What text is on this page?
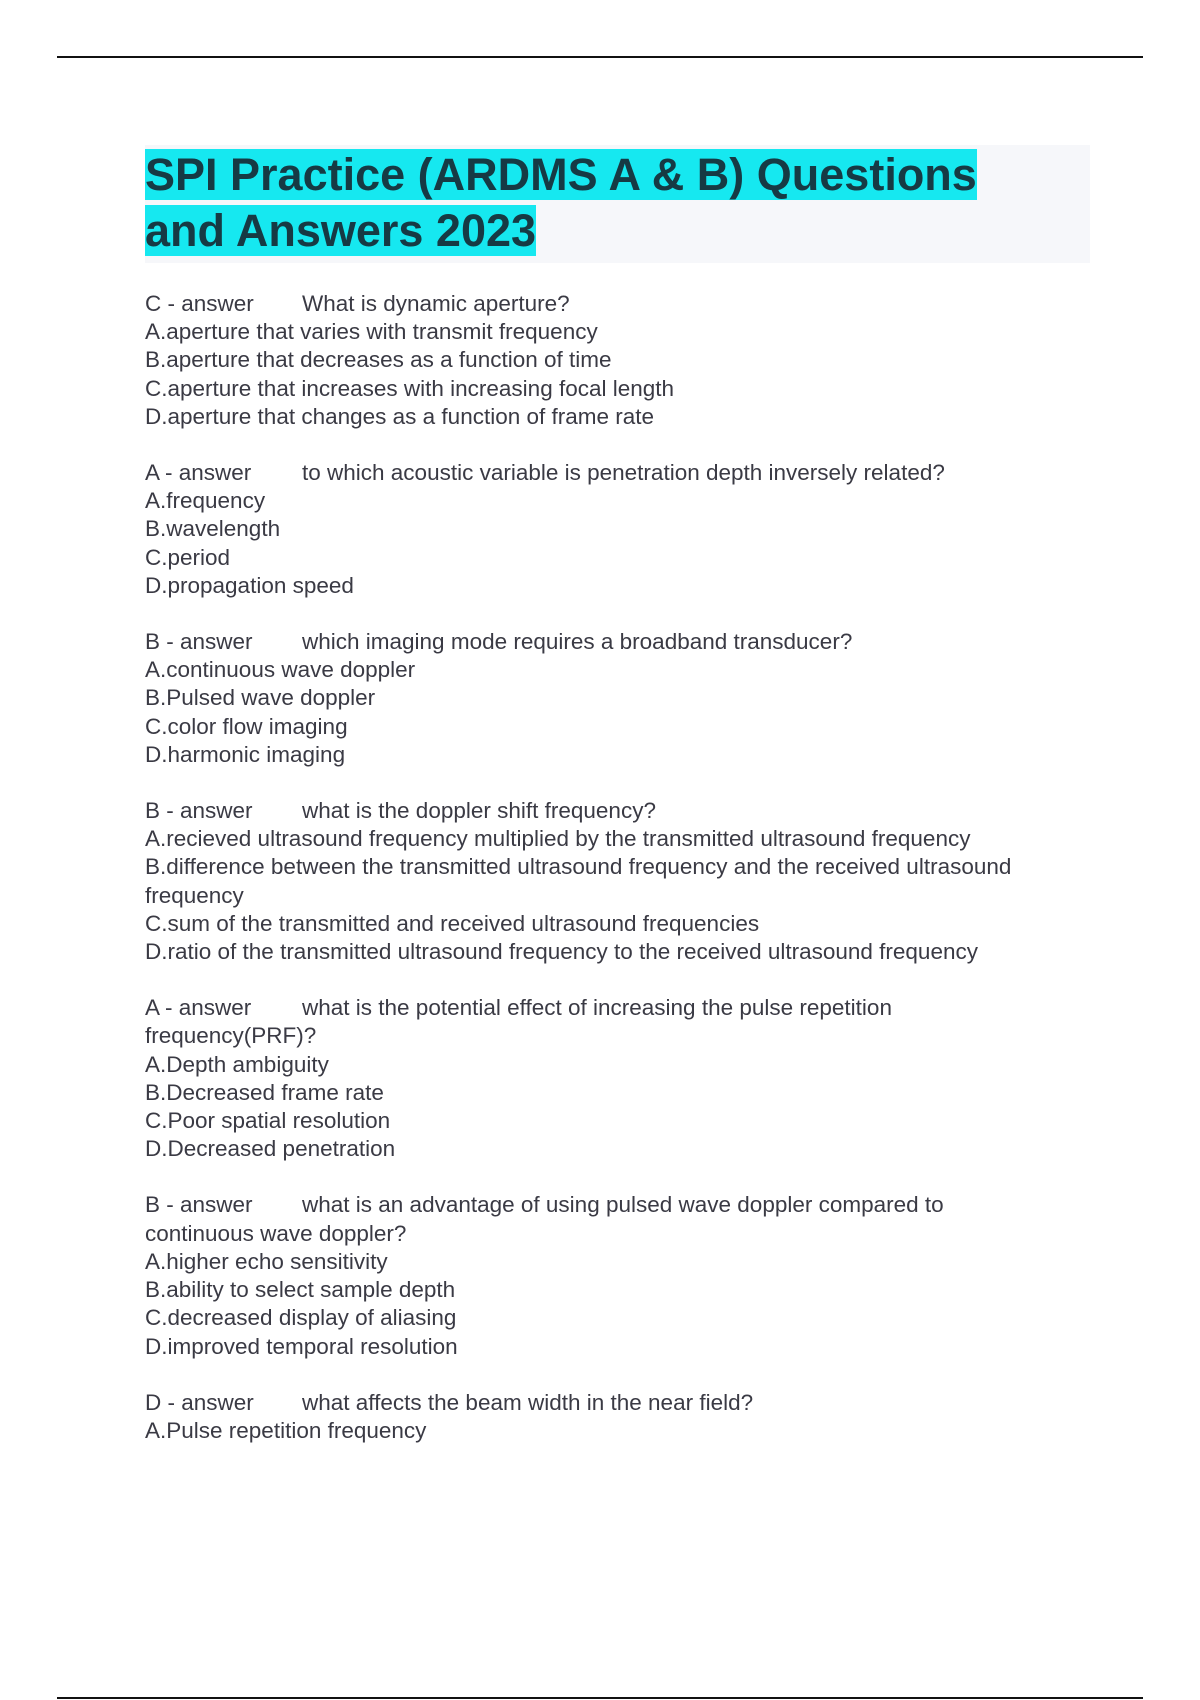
SPI Practice (ARDMS A & B) Questions
and Answers 2023
C - answer What is dynamic aperture?
A.aperture that varies with transmit frequency
B.aperture that decreases as a function of time
C.aperture that increases with increasing focal length
D.aperture that changes as a function of frame rate
A - answer to which acoustic variable is penetration depth inversely related?
A.frequency
B.wavelength
C.period
D.propagation speed
B - answer which imaging mode requires a broadband transducer?
A.continuous wave doppler
B.Pulsed wave doppler
C.color flow imaging
D.harmonic imaging
B - answer what is the doppler shift frequency?
A.recieved ultrasound frequency multiplied by the transmitted ultrasound frequency
B.difference between the transmitted ultrasound frequency and the received ultrasound frequency
C.sum of the transmitted and received ultrasound frequencies
D.ratio of the transmitted ultrasound frequency to the received ultrasound frequency
A - answer what is the potential effect of increasing the pulse repetition frequency(PRF)?
A.Depth ambiguity
B.Decreased frame rate
C.Poor spatial resolution
D.Decreased penetration
B - answer what is an advantage of using pulsed wave doppler compared to continuous wave doppler?
A.higher echo sensitivity
B.ability to select sample depth
C.decreased display of aliasing
D.improved temporal resolution
D - answer what affects the beam width in the near field?
A.Pulse repetition frequency
